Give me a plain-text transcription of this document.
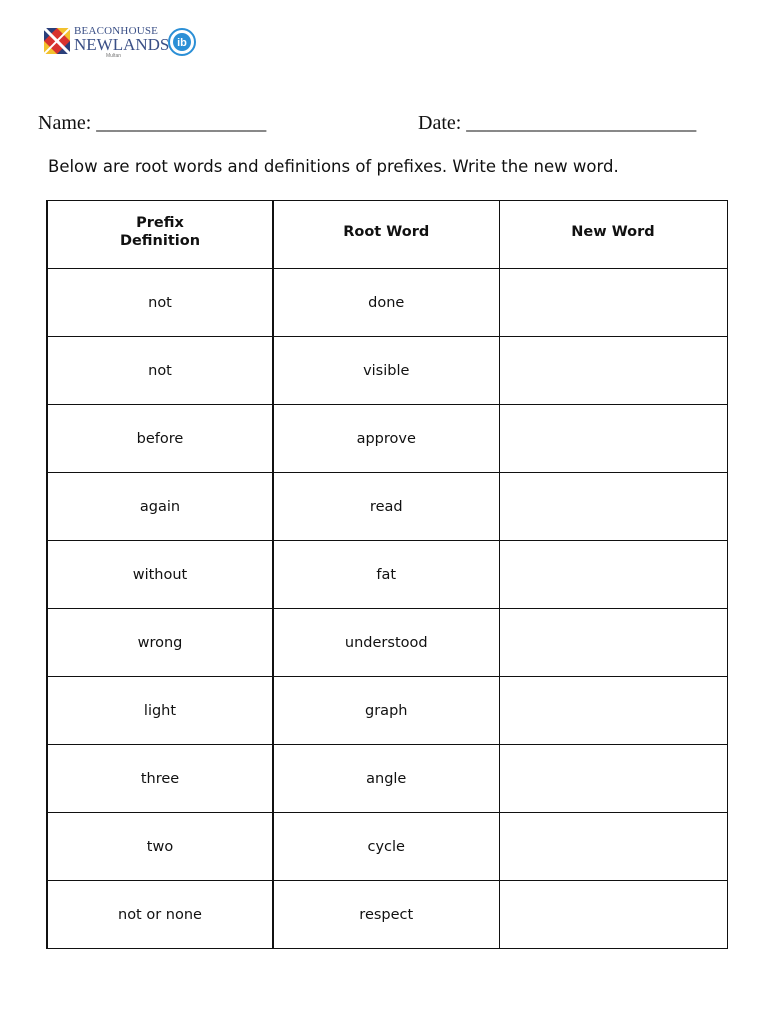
BEACONHOUSE
NEWLANDS
Multan
ib
Name: _________________	Date: _______________________
Below are root words and definitions of prefixes. Write the new word.
Prefix
Definition	Root Word	New Word

not	done	
not	visible	
before	approve	
again	read	
without	fat	
wrong	understood	
light	graph	
three	angle	
two	cycle	
not or none	respect	
